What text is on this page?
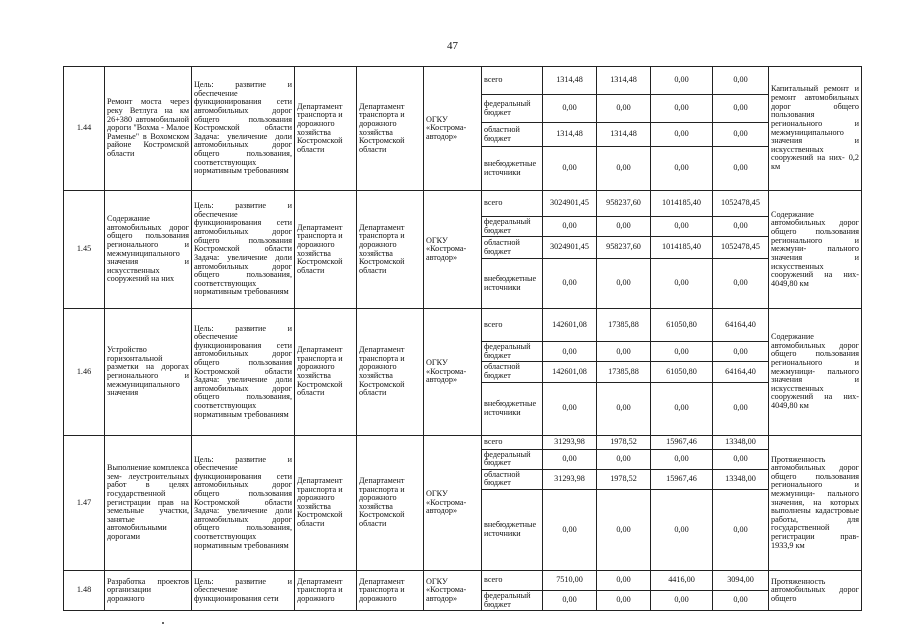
47
1.44	Ремонт моста через реку Ветлуга на км 26+380 автомобильной дороги "Вохма - Малое Раменье" в Вохомском районе Костромской области	Цель: развитие и обеспечение функционирования сети автомобильных дорог общего пользования Костромской области Задача: увеличение доли автомобильных дорог общего пользования, соответствующих нормативным требованиям	Департамент транспорта и дорожного хозяйства Костромской области	Департамент транспорта и дорожного хозяйства Костромской области	ОГКУ «Кострома-автодор»	всего	1314,48	1314,48	0,00	0,00	Капитальный ремонт и ремонт автомобильных дорог общего пользования регионального и межмуниципального значения и искусственных сооружений на них- 0,2 км
						федеральный бюджет	0,00	0,00	0,00	0,00	
						областной бюджет	1314,48	1314,48	0,00	0,00	
						внебюджетные источники	0,00	0,00	0,00	0,00	
1.45	Содержание автомобильных дорог общего пользования регионального и межмуниципального значения и искусственных сооружений на них	Цель: развитие и обеспечение функционирования сети автомобильных дорог общего пользования Костромской области Задача: увеличение доли автомобильных дорог общего пользования, соответствующих нормативным требованиям	Департамент транспорта и дорожного хозяйства Костромской области	Департамент транспорта и дорожного хозяйства Костромской области	ОГКУ «Кострома-автодор»	всего	3024901,45	958237,60	1014185,40	1052478,45	Содержание автомобильных дорог общего пользования регионального и межмуни- пального значения и искусственных сооружений на них- 4049,80 км
						федеральный бюджет	0,00	0,00	0,00	0,00	
						областной бюджет	3024901,45	958237,60	1014185,40	1052478,45	
						внебюджетные источники	0,00	0,00	0,00	0,00	
1.46	Устройство горизонтальной разметки на дорогах регионального и межмуниципального значения	Цель: развитие и обеспечение функционирования сети автомобильных дорог общего пользования Костромской области Задача: увеличение доли автомобильных дорог общего пользования, соответствующих нормативным требованиям	Департамент транспорта и дорожного хозяйства Костромской области	Департамент транспорта и дорожного хозяйства Костромской области	ОГКУ «Кострома-автодор»	всего	142601,08	17385,88	61050,80	64164,40	Содержание автомобильных дорог общего пользования регионального и межмуници- пального значения и искусственных сооружений на них- 4049,80 км
						федеральный бюджет	0,00	0,00	0,00	0,00	
						областной бюджет	142601,08	17385,88	61050,80	64164,40	
						внебюджетные источники	0,00	0,00	0,00	0,00	
1.47	Выполнение комплекса зем- леустроительных работ в целях государственной регистрации прав на земельные участки, занятые автомобильными дорогами	Цель: развитие и обеспечение функционирования сети автомобильных дорог общего пользования Костромской области Задача: увеличение доли автомобильных дорог общего пользования, соответствующих нормативным требованиям	Департамент транспорта и дорожного хозяйства Костромской области	Департамент транспорта и дорожного хозяйства Костромской области	ОГКУ «Кострома-автодор»	всего	31293,98	1978,52	15967,46	13348,00	Протяженность автомобильных дорог общего пользования регионального и межмуници- пального значения, на которых выполнены кадастровые работы, для государственной регистрации прав- 1933,9 км
						федеральный бюджет	0,00	0,00	0,00	0,00	
						областной бюджет	31293,98	1978,52	15967,46	13348,00	
						внебюджетные источники	0,00	0,00	0,00	0,00	
1.48	Разработка проектов организации дорожного	Цель: развитие и обеспечение функционирования сети	Департамент транспорта и дорожного	Департамент транспорта и дорожного	ОГКУ «Кострома-автодор»	всего	7510,00	0,00	4416,00	3094,00	Протяженность автомобильных дорог общего
						федеральный бюджет	0,00	0,00	0,00	0,00	
